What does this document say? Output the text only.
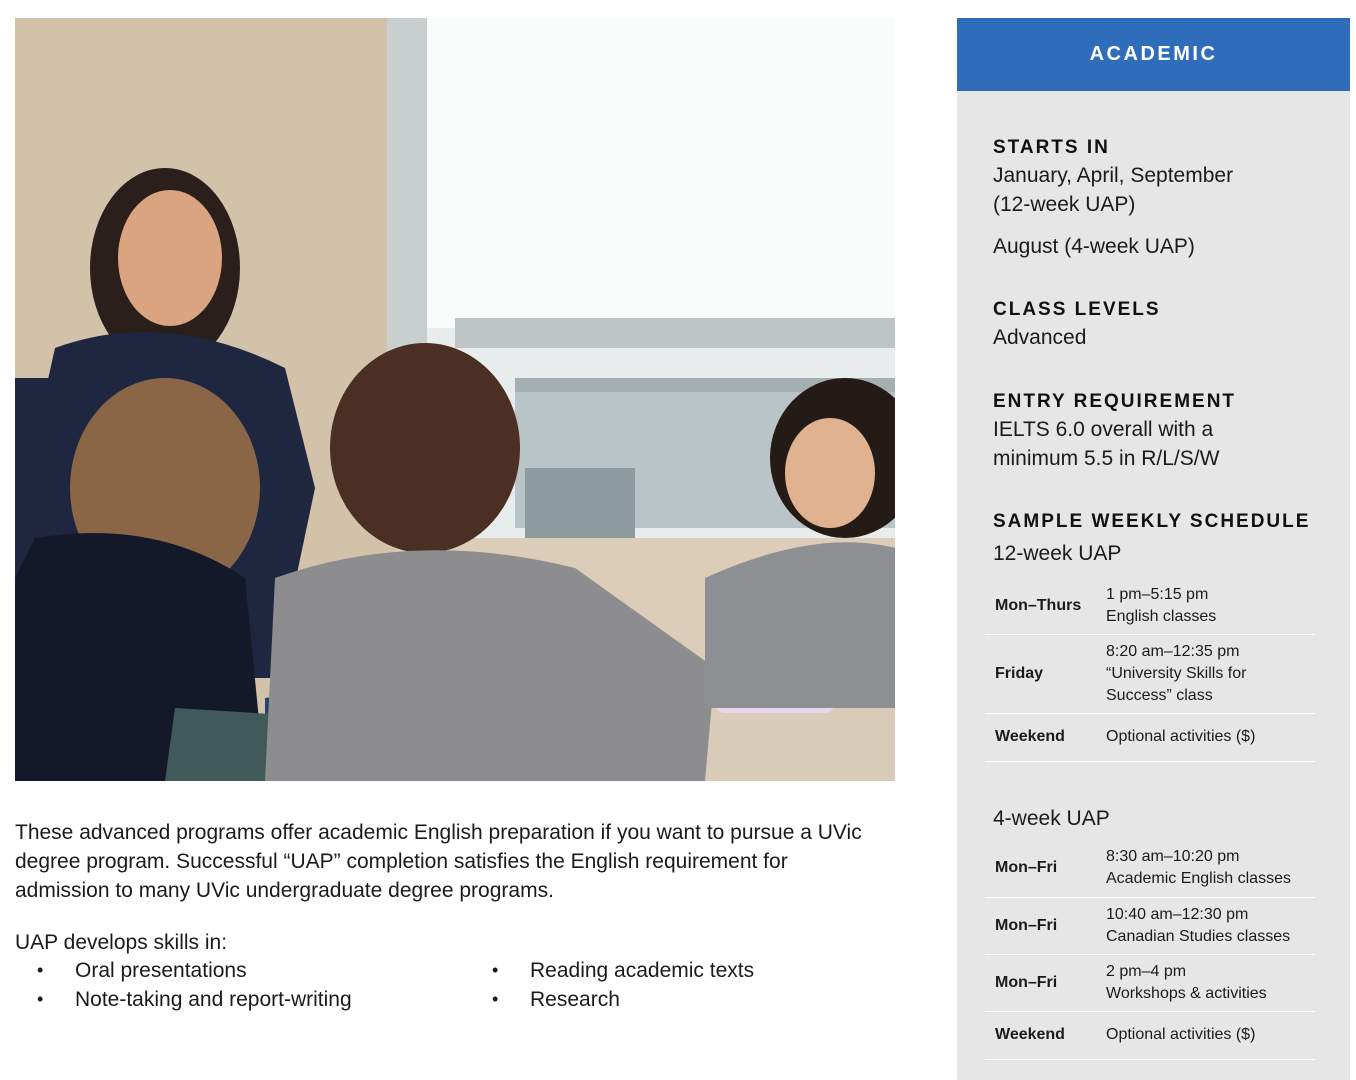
These advanced programs offer academic English preparation if you want to pursue a UVic degree program. Successful “UAP” completion satisfies the English requirement for admission to many UVic undergraduate degree programs.

UAP develops skills in:

• Oral presentations
• Note-taking and report-writing
• Reading academic texts
• Research
ACADEMIC
STARTS IN
January, April, September
(12-week UAP)
August (4-week UAP)
CLASS LEVELS
Advanced
ENTRY REQUIREMENT
IELTS 6.0 overall with a
minimum 5.5 in R/L/S/W
SAMPLE WEEKLY SCHEDULE
12-week UAP
Mon–Thurs	1 pm–5:15 pm
English classes

Friday	8:20 am–12:35 pm
“University Skills for
Success” class

Weekend	Optional activities ($)
4-week UAP
Mon–Fri	8:30 am–10:20 pm
Academic English classes

Mon–Fri	10:40 am–12:30 pm
Canadian Studies classes

Mon–Fri	2 pm–4 pm
Workshops & activities

Weekend	Optional activities ($)
